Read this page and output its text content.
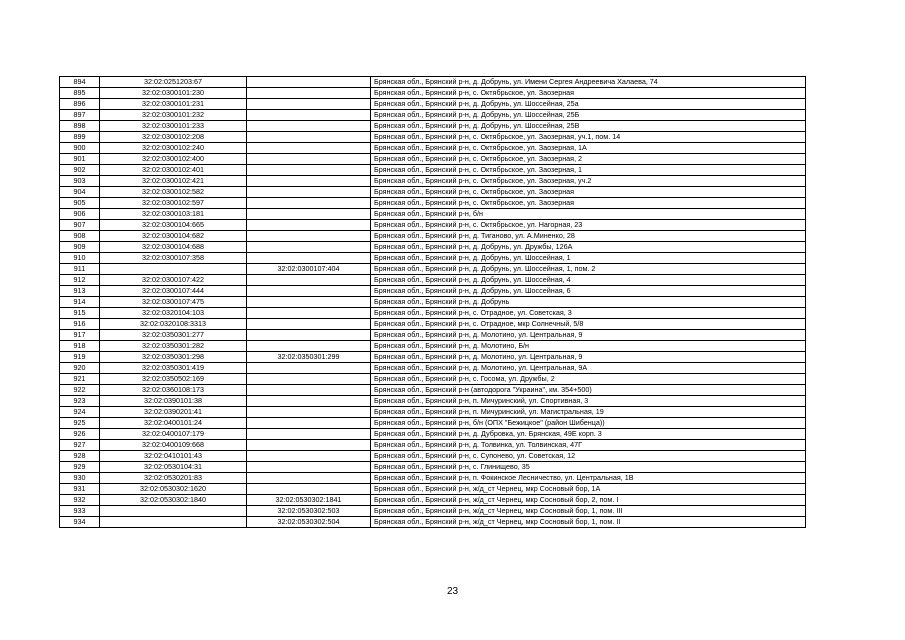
894	32:02:0251203:67		Брянская обл., Брянский р-н, д. Добрунь, ул. Имени Сергея Андреевича Халаева, 74
895	32:02:0300101:230		Брянская обл., Брянский р-н, с. Октябрьское, ул. Заозерная
896	32:02:0300101:231		Брянская обл., Брянский р-н, д. Добрунь, ул. Шоссейная, 25а
897	32:02:0300101:232		Брянская обл., Брянский р-н, д. Добрунь, ул. Шоссейная, 25Б
898	32:02:0300101:233		Брянская обл., Брянский р-н, д. Добрунь, ул. Шоссейная, 25В
899	32:02:0300102:208		Брянская обл., Брянский р-н, с. Октябрьское, ул. Заозерная, уч.1, пом. 14
900	32:02:0300102:240		Брянская обл., Брянский р-н, с. Октябрьское, ул. Заозерная, 1А
901	32:02:0300102:400		Брянская обл., Брянский р-н, с. Октябрьское, ул. Заозерная, 2
902	32:02:0300102:401		Брянская обл., Брянский р-н, с. Октябрьское, ул. Заозерная, 1
903	32:02:0300102:421		Брянская обл., Брянский р-н, с. Октябрьское, ул. Заозерная, уч.2
904	32:02:0300102:582		Брянская обл., Брянский р-н, с. Октябрьское, ул. Заозерная
905	32:02:0300102:597		Брянская обл., Брянский р-н, с. Октябрьское, ул. Заозерная
906	32:02:0300103:181		Брянская обл., Брянский р-н, б/н
907	32:02:0300104:665		Брянская обл., Брянский р-н, с. Октябрьское, ул. Нагорная, 23
908	32:02:0300104:682		Брянская обл., Брянский р-н, д. Тиганово, ул. А.Миненко, 28
909	32:02:0300104:688		Брянская обл., Брянский р-н, д. Добрунь, ул. Дружбы, 126А
910	32:02:0300107:358		Брянская обл., Брянский р-н, д. Добрунь, ул. Шоссейная, 1
911		32:02:0300107:404	Брянская обл., Брянский р-н, д. Добрунь, ул. Шоссейная, 1, пом. 2
912	32:02:0300107:422		Брянская обл., Брянский р-н, д. Добрунь, ул. Шоссейная, 4
913	32:02:0300107:444		Брянская обл., Брянский р-н, д. Добрунь, ул. Шоссейная, 6
914	32:02:0300107:475		Брянская обл., Брянский р-н, д. Добрунь
915	32:02:0320104:103		Брянская обл., Брянский р-н, с. Отрадное, ул. Советская, 3
916	32:02:0320108:3313		Брянская обл., Брянский р-н, с. Отрадное, мкр Солнечный, 5/8
917	32:02:0350301:277		Брянская обл., Брянский р-н, д. Молотино, ул. Центральная, 9
918	32:02:0350301:282		Брянская обл., Брянский р-н, д. Молотино, Б/н
919	32:02:0350301:298	32:02:0350301:299	Брянская обл., Брянский р-н, д. Молотино, ул. Центральная, 9
920	32:02:0350301:419		Брянская обл., Брянский р-н, д. Молотино, ул. Центральная, 9А
921	32:02:0350502:169		Брянская обл., Брянский р-н, с. Госома, ул. Дружбы, 2
922	32:02:0360108:173		Брянская обл., Брянский р-н (автодорога "Украина", км. 354+500)
923	32:02:0390101:38		Брянская обл., Брянский р-н, п. Мичуринский, ул. Спортивная, 3
924	32:02:0390201:41		Брянская обл., Брянский р-н, п. Мичуринский, ул. Магистральная, 19
925	32:02:0400101:24		Брянская обл., Брянский р-н, б/н (ОПХ "Бежицкое" (район Шибенца))
926	32:02:0400107:179		Брянская обл., Брянский р-н, д. Дубровка, ул. Брянская, 49Е корп. 3
927	32:02:0400109:668		Брянская обл., Брянский р-н, д. Толвинка, ул. Толвинская, 47Г
928	32:02:0410101:43		Брянская обл., Брянский р-н, с. Супонево, ул. Советская, 12
929	32:02:0530104:31		Брянская обл., Брянский р-н, с. Глинищево, 35
930	32:02:0530201:83		Брянская обл., Брянский р-н, п. Фокинское Лесничество, ул. Центральная, 1В
931	32:02:0530302:1620		Брянская обл., Брянский р-н, ж/д_ст Чернец, мкр Сосновый бор, 1А
932	32:02:0530302:1840	32:02:0530302:1841	Брянская обл., Брянский р-н, ж/д_ст Чернец, мкр Сосновый бор, 2, пом. I
933		32:02:0530302:503	Брянская обл., Брянский р-н, ж/д_ст Чернец, мкр Сосновый бор, 1, пом. III
934		32:02:0530302:504	Брянская обл., Брянский р-н, ж/д_ст Чернец, мкр Сосновый бор, 1, пом. II
23
